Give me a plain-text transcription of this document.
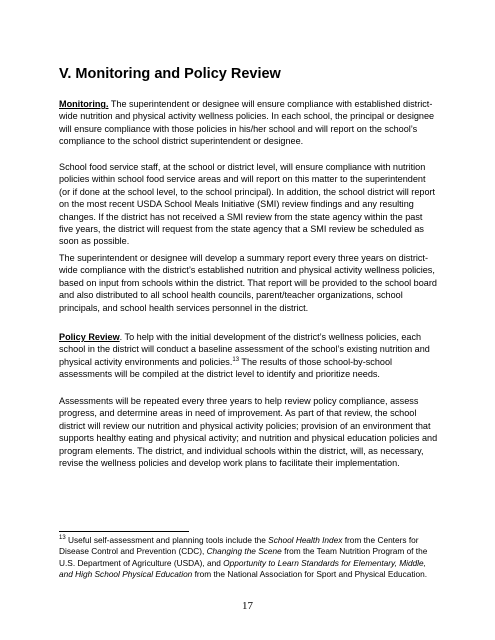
V. Monitoring and Policy Review

Monitoring. The superintendent or designee will ensure compliance with established district-wide nutrition and physical activity wellness policies. In each school, the principal or designee will ensure compliance with those policies in his/her school and will report on the school’s compliance to the school district superintendent or designee.

School food service staff, at the school or district level, will ensure compliance with nutrition policies within school food service areas and will report on this matter to the superintendent (or if done at the school level, to the school principal). In addition, the school district will report on the most recent USDA School Meals Initiative (SMI) review findings and any resulting changes. If the district has not received a SMI review from the state agency within the past five years, the district will request from the state agency that a SMI review be scheduled as soon as possible.

The superintendent or designee will develop a summary report every three years on district-wide compliance with the district’s established nutrition and physical activity wellness policies, based on input from schools within the district. That report will be provided to the school board and also distributed to all school health councils, parent/teacher organizations, school principals, and school health services personnel in the district.

Policy Review. To help with the initial development of the district’s wellness policies, each school in the district will conduct a baseline assessment of the school’s existing nutrition and physical activity environments and policies.$^{13}$ The results of those school-by-school assessments will be compiled at the district level to identify and prioritize needs.

Assessments will be repeated every three years to help review policy compliance, assess progress, and determine areas in need of improvement. As part of that review, the school district will review our nutrition and physical activity policies; provision of an environment that supports healthy eating and physical activity; and nutrition and physical education policies and program elements. The district, and individual schools within the district, will, as necessary, revise the wellness policies and develop work plans to facilitate their implementation.

$^{13}$ Useful self-assessment and planning tools include the School Health Index from the Centers for Disease Control and Prevention (CDC), Changing the Scene from the Team Nutrition Program of the U.S. Department of Agriculture (USDA), and Opportunity to Learn Standards for Elementary, Middle, and High School Physical Education from the National Association for Sport and Physical Education.

17
